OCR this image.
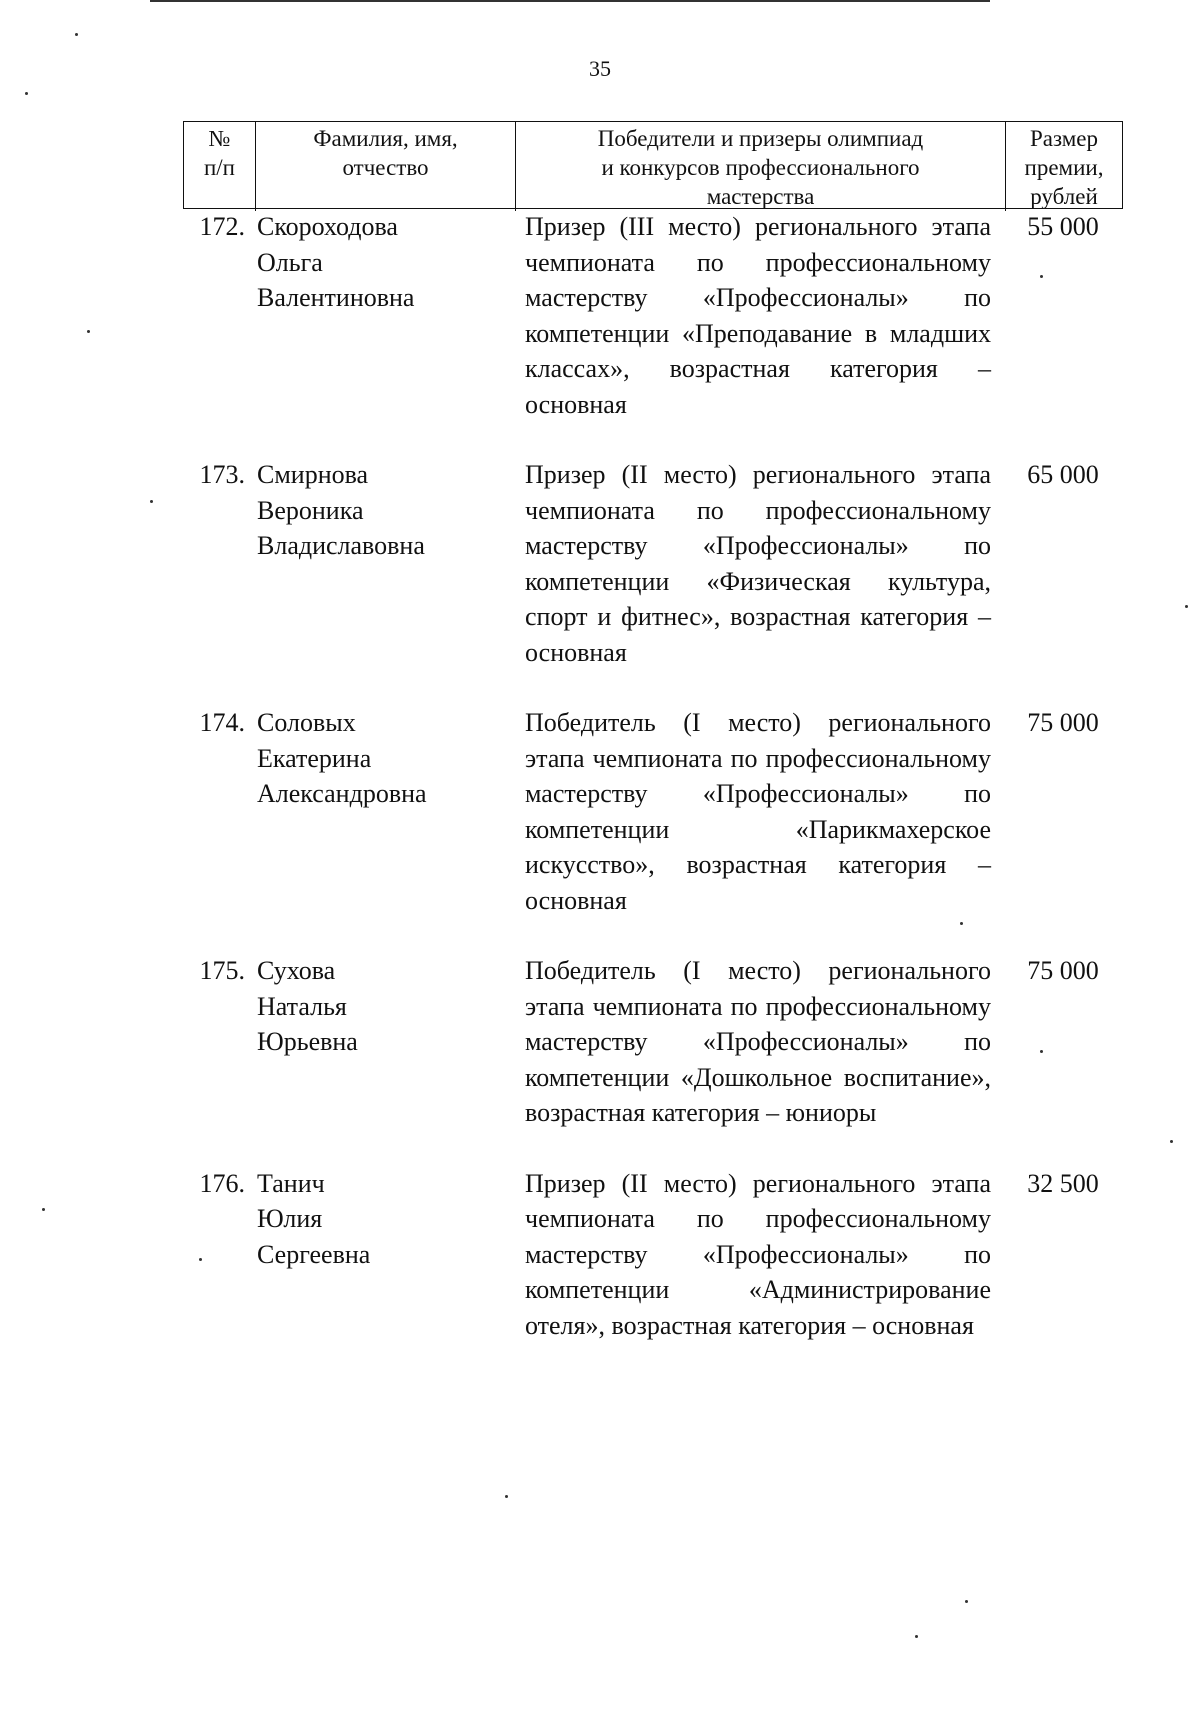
35
№
п/п
Фамилия, имя,
отчество
Победители и призеры олимпиад
и конкурсов профессионального
мастерства
Размер
премии,
рублей
172. Скороходова
Ольга
Валентиновна
Призер (III место) регионального этапа чемпионата по профессиональному мастерству «Профессионалы» по компетенции «Преподавание в младших классах», возрастная категория – основная
55 000
173. Смирнова
Вероника
Владиславовна
Призер (II место) регионального этапа чемпионата по профессиональному мастерству «Профессионалы» по компетенции «Физическая культура, спорт и фитнес», возрастная категория – основная
65 000
174. Соловых
Екатерина
Александровна
Победитель (I место) регионального этапа чемпионата по профессиональному мастерству «Профессионалы» по компетенции «Парикмахерское искусство», возрастная категория – основная
75 000
175. Сухова
Наталья
Юрьевна
Победитель (I место) регионального этапа чемпионата по профессиональному мастерству «Профессионалы» по компетенции «Дошкольное воспитание», возрастная категория – юниоры
75 000
176. Танич
Юлия
Сергеевна
Призер (II место) регионального этапа чемпионата по профессиональному мастерству «Профессионалы» по компетенции «Администрирование отеля», возрастная категория – основная
32 500
